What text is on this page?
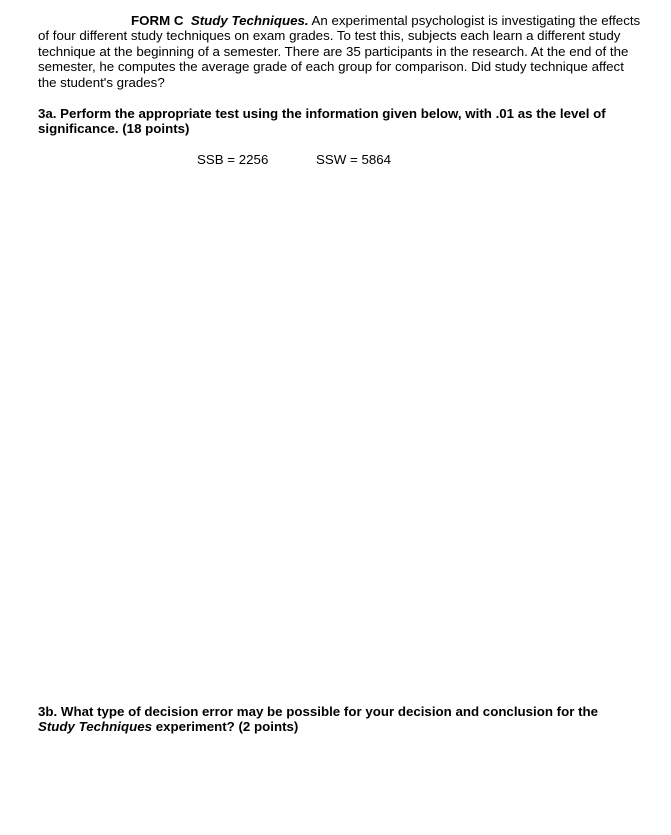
FORM C Study Techniques. An experimental psychologist is investigating the effects of four different study techniques on exam grades. To test this, subjects each learn a different study technique at the beginning of a semester. There are 35 participants in the research. At the end of the semester, he computes the average grade of each group for comparison. Did study technique affect the student's grades?

3a. Perform the appropriate test using the information given below, with .01 as the level of significance. (18 points)

SSB = 2256	SSW = 5864

3b. What type of decision error may be possible for your decision and conclusion for the Study Techniques experiment? (2 points)
